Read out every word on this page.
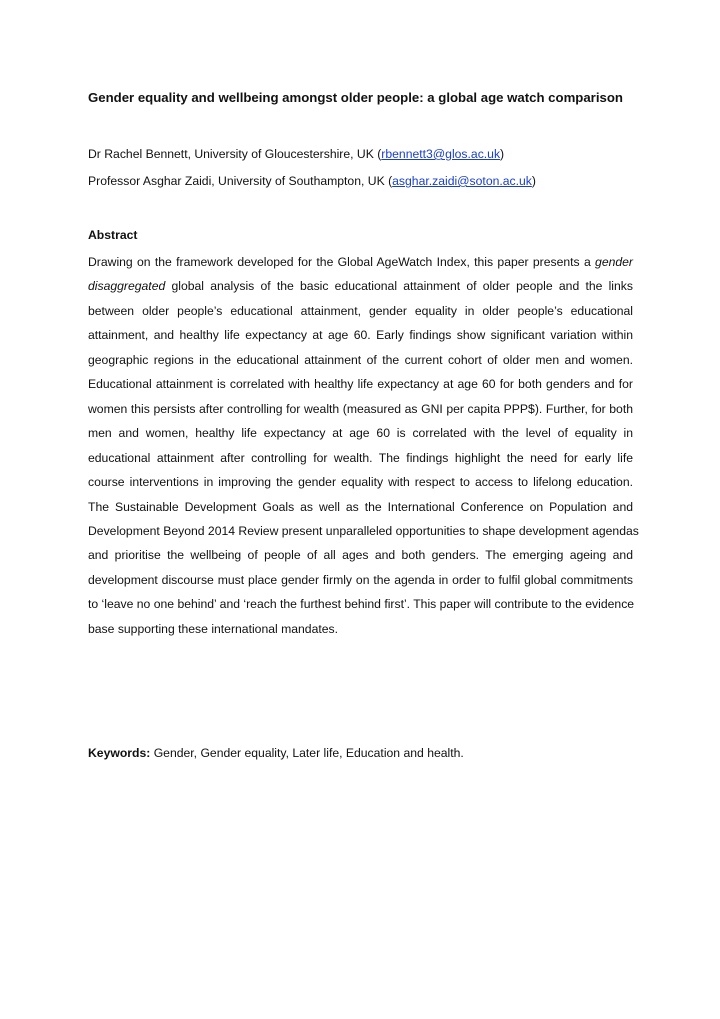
Gender equality and wellbeing amongst older people: a global age watch comparison

Dr Rachel Bennett, University of Gloucestershire, UK (rbennett3@glos.ac.uk)

Professor Asghar Zaidi, University of Southampton, UK (asghar.zaidi@soton.ac.uk)

Abstract
Drawing on the framework developed for the Global AgeWatch Index, this paper presents a gender
disaggregated global analysis of the basic educational attainment of older people and the links
between older people’s educational attainment, gender equality in older people’s educational
attainment, and healthy life expectancy at age 60. Early findings show significant variation within
geographic regions in the educational attainment of the current cohort of older men and women.
Educational attainment is correlated with healthy life expectancy at age 60 for both genders and for
women this persists after controlling for wealth (measured as GNI per capita PPP$). Further, for both
men and women, healthy life expectancy at age 60 is correlated with the level of equality in
educational attainment after controlling for wealth. The findings highlight the need for early life
course interventions in improving the gender equality with respect to access to lifelong education.
The Sustainable Development Goals as well as the International Conference on Population and
Development Beyond 2014 Review present unparalleled opportunities to shape development agendas
and prioritise the wellbeing of people of all ages and both genders. The emerging ageing and
development discourse must place gender firmly on the agenda in order to fulfil global commitments
to ‘leave no one behind’ and ‘reach the furthest behind first’. This paper will contribute to the evidence
base supporting these international mandates.

Keywords: Gender, Gender equality, Later life, Education and health.
